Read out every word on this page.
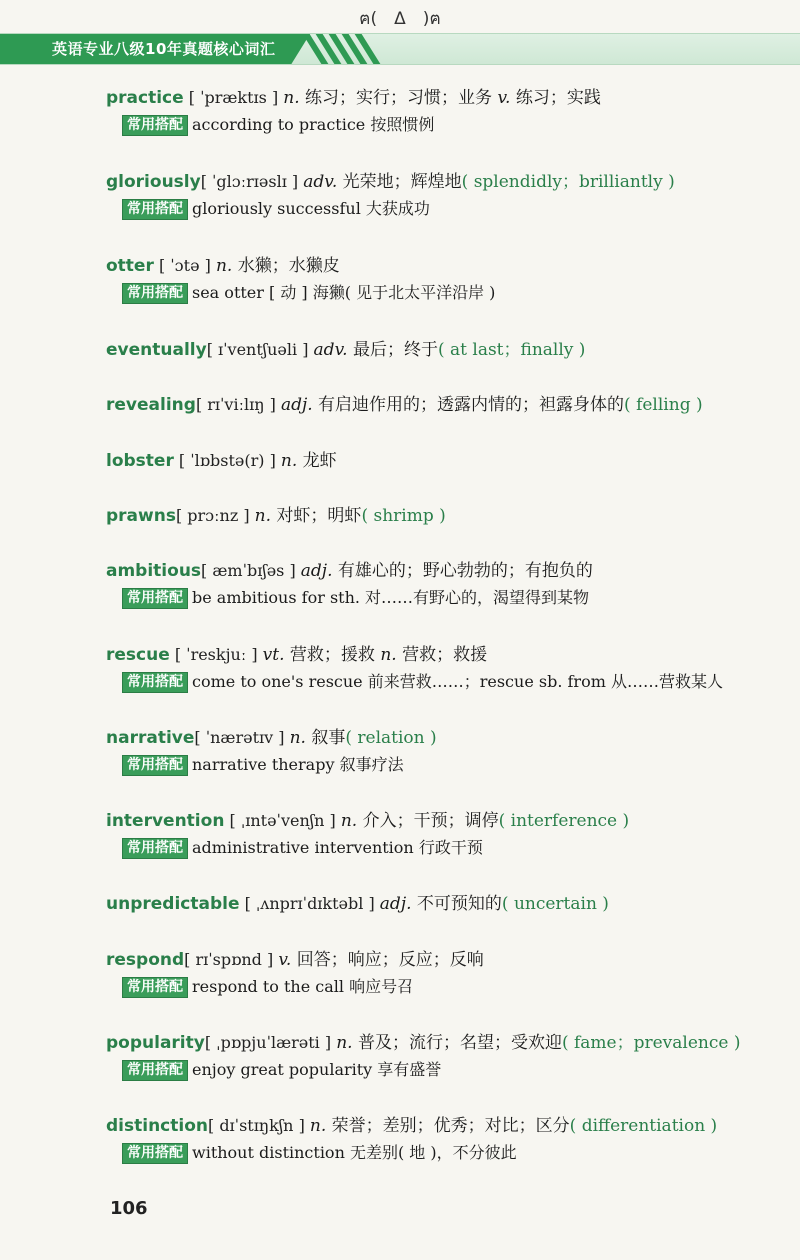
ฅ(　Δ　)ฅ
英语专业八级10年真题核心词汇
practice [ ˈpræktɪs ] n. 练习；实行；习惯；业务 v. 练习；实践
常用搭配 according to practice 按照惯例
gloriously[ ˈglɔːrɪəslɪ ] adv. 光荣地；辉煌地( splendidly；brilliantly )
常用搭配 gloriously successful 大获成功
otter [ ˈɔtə ] n. 水獭；水獭皮
常用搭配 sea otter [ 动 ] 海獭( 见于北太平洋沿岸 )
eventually[ ɪˈventʃuəli ] adv. 最后；终于( at last；finally )
revealing[ rɪˈviːlɪŋ ] adj. 有启迪作用的；透露内情的；袒露身体的( felling )
lobster [ ˈlɒbstə(r) ] n. 龙虾
prawns[ prɔːnz ] n. 对虾；明虾( shrimp )
ambitious[ æmˈbɪʃəs ] adj. 有雄心的；野心勃勃的；有抱负的
常用搭配 be ambitious for sth. 对……有野心的，渴望得到某物
rescue [ ˈreskjuː ] vt. 营救；援救 n. 营救；救援
常用搭配 come to one's rescue 前来营救……；rescue sb. from 从……营救某人
narrative[ ˈnærətɪv ] n. 叙事( relation )
常用搭配 narrative therapy 叙事疗法
intervention [ ˌɪntəˈvenʃn ] n. 介入；干预；调停( interference )
常用搭配 administrative intervention 行政干预
unpredictable [ ˌʌnprɪˈdɪktəbl ] adj. 不可预知的( uncertain )
respond[ rɪˈspɒnd ] v. 回答；响应；反应；反响
常用搭配 respond to the call 响应号召
popularity[ ˌpɒpjuˈlærəti ] n. 普及；流行；名望；受欢迎( fame；prevalence )
常用搭配 enjoy great popularity 享有盛誉
distinction[ dɪˈstɪŋkʃn ] n. 荣誉；差别；优秀；对比；区分( differentiation )
常用搭配 without distinction 无差别( 地 )，不分彼此
106
